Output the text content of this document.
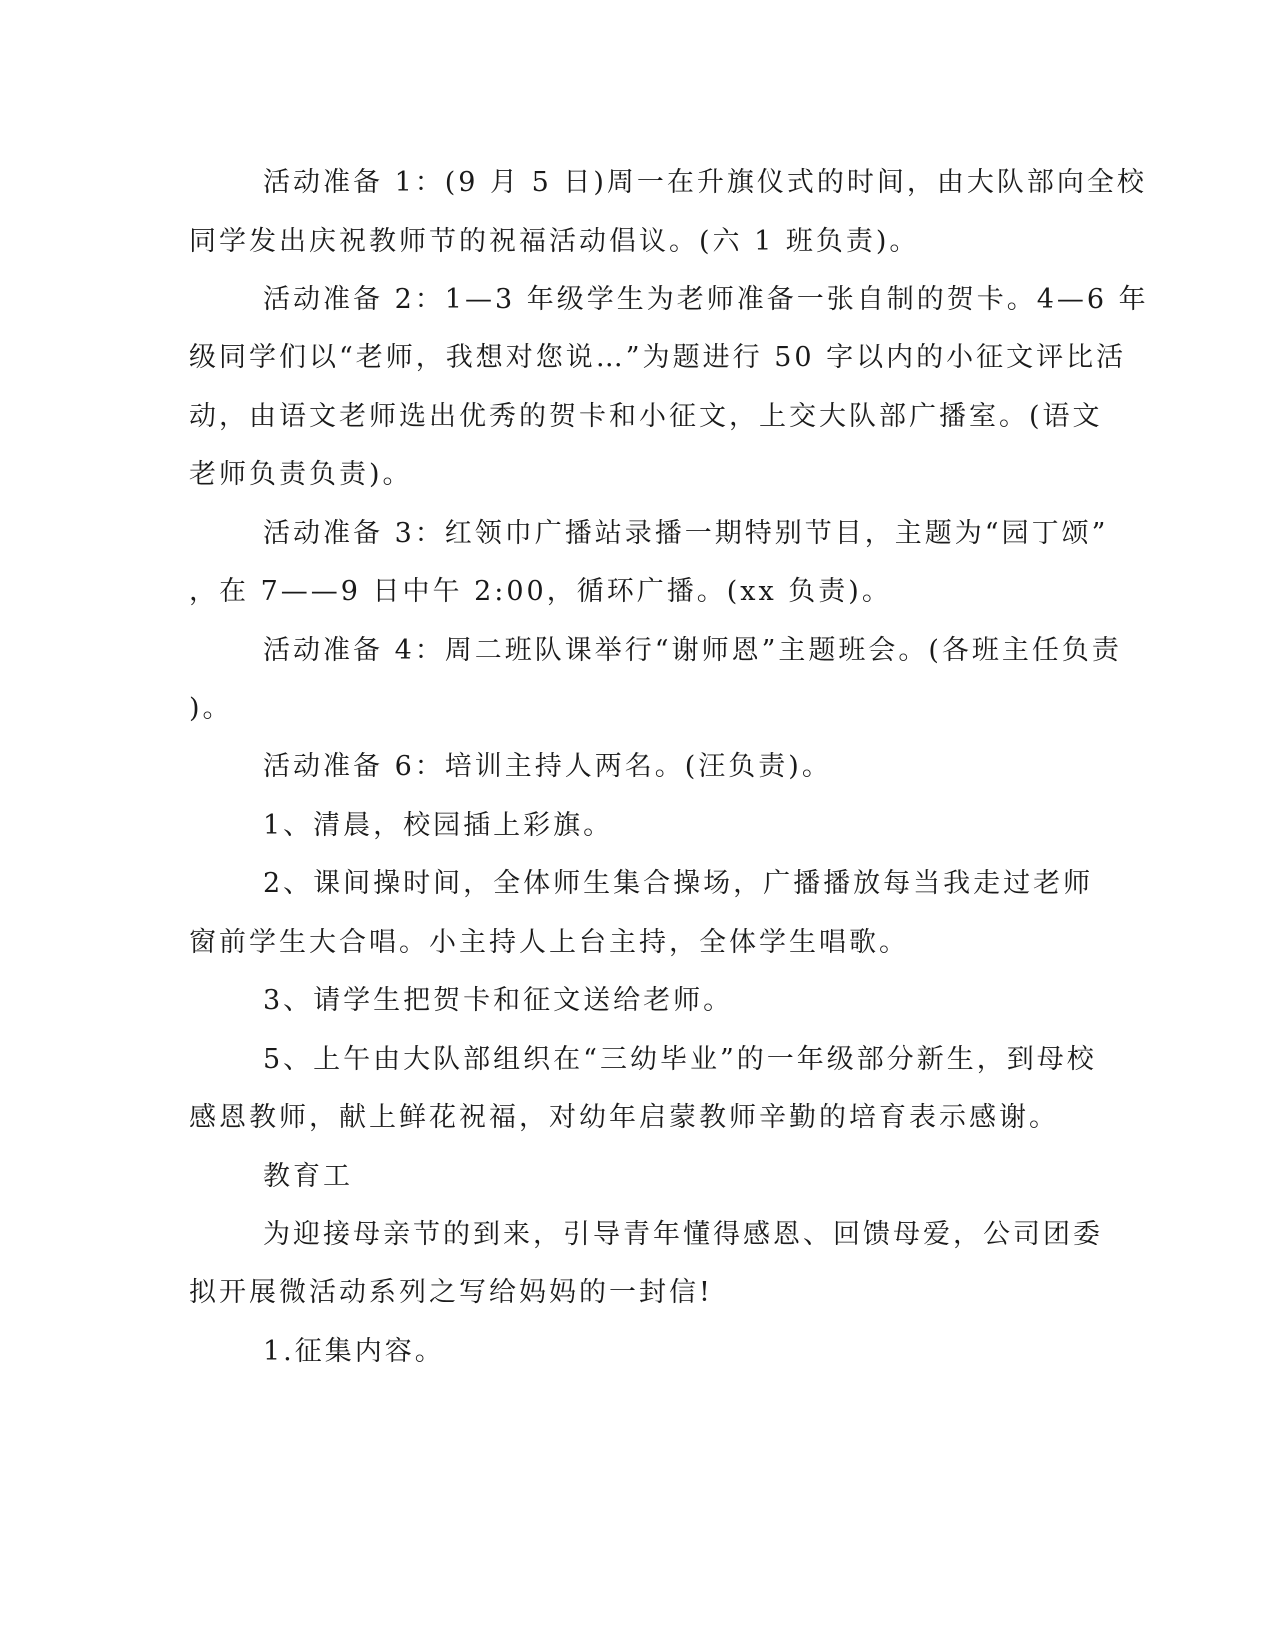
活动准备 1：(9 月 5 日)周一在升旗仪式的时间，由大队部向全校
同学发出庆祝教师节的祝福活动倡议。(六 1 班负责)。
活动准备 2：1—3 年级学生为老师准备一张自制的贺卡。4—6 年
级同学们以“老师，我想对您说…”为题进行 50 字以内的小征文评比活
动，由语文老师选出优秀的贺卡和小征文，上交大队部广播室。(语文
老师负责负责)。
活动准备 3：红领巾广播站录播一期特别节目，主题为“园丁颂”
，在 7——9 日中午 2:00，循环广播。(xx 负责)。
活动准备 4：周二班队课举行“谢师恩”主题班会。(各班主任负责
)。
活动准备 6：培训主持人两名。(汪负责)。
1、清晨，校园插上彩旗。
2、课间操时间，全体师生集合操场，广播播放每当我走过老师
窗前学生大合唱。小主持人上台主持，全体学生唱歌。
3、请学生把贺卡和征文送给老师。
5、上午由大队部组织在“三幼毕业”的一年级部分新生，到母校
感恩教师，献上鲜花祝福，对幼年启蒙教师辛勤的培育表示感谢。
教育工
为迎接母亲节的到来，引导青年懂得感恩、回馈母爱，公司团委
拟开展微活动系列之写给妈妈的一封信!
1.征集内容。
